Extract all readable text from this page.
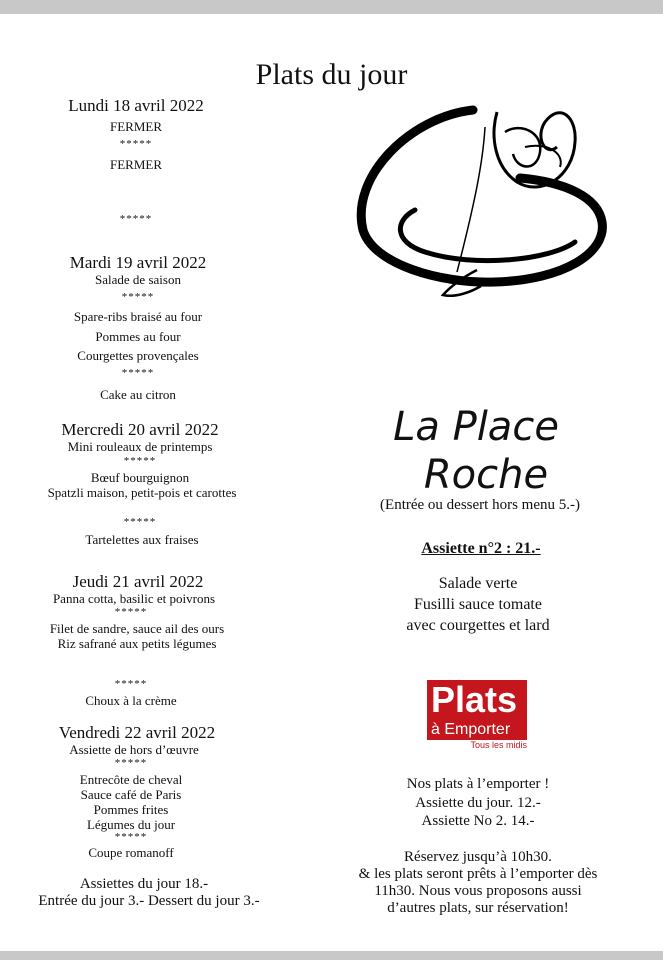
Plats du jour
Lundi 18 avril 2022
FERMER
*****
FERMER
*****
Mardi 19 avril 2022
Salade de saison
*****
Spare-ribs braisé au four
Pommes au four
Courgettes provençales
*****
Cake au citron
Mercredi 20 avril 2022
Mini rouleaux de printemps
*****
Bœuf bourguignon
Spatzli maison, petit-pois et carottes
*****
Tartelettes aux fraises
Jeudi 21 avril 2022
Panna cotta, basilic et poivrons
*****
Filet de sandre, sauce ail des ours
Riz safrané aux petits légumes
*****
Choux à la crème
Vendredi 22 avril 2022
Assiette de hors d’œuvre
*****
Entrecôte de cheval
Sauce café de Paris
Pommes frites
Légumes du jour
*****
Coupe romanoff
Assiettes du jour 18.-
Entrée du jour 3.- Dessert du jour 3.-
La Place
Roche
(Entrée ou dessert hors menu 5.-)
Assiette n°2 : 21.-
Salade verte
Fusilli sauce tomate
avec courgettes et lard
Plats
à Emporter
Tous les midis
Nos plats à l’emporter !
Assiette du jour. 12.-
Assiette No 2. 14.-
Réservez jusqu’à 10h30.
& les plats seront prêts à l’emporter dès
11h30. Nous vous proposons aussi
d’autres plats, sur réservation!
